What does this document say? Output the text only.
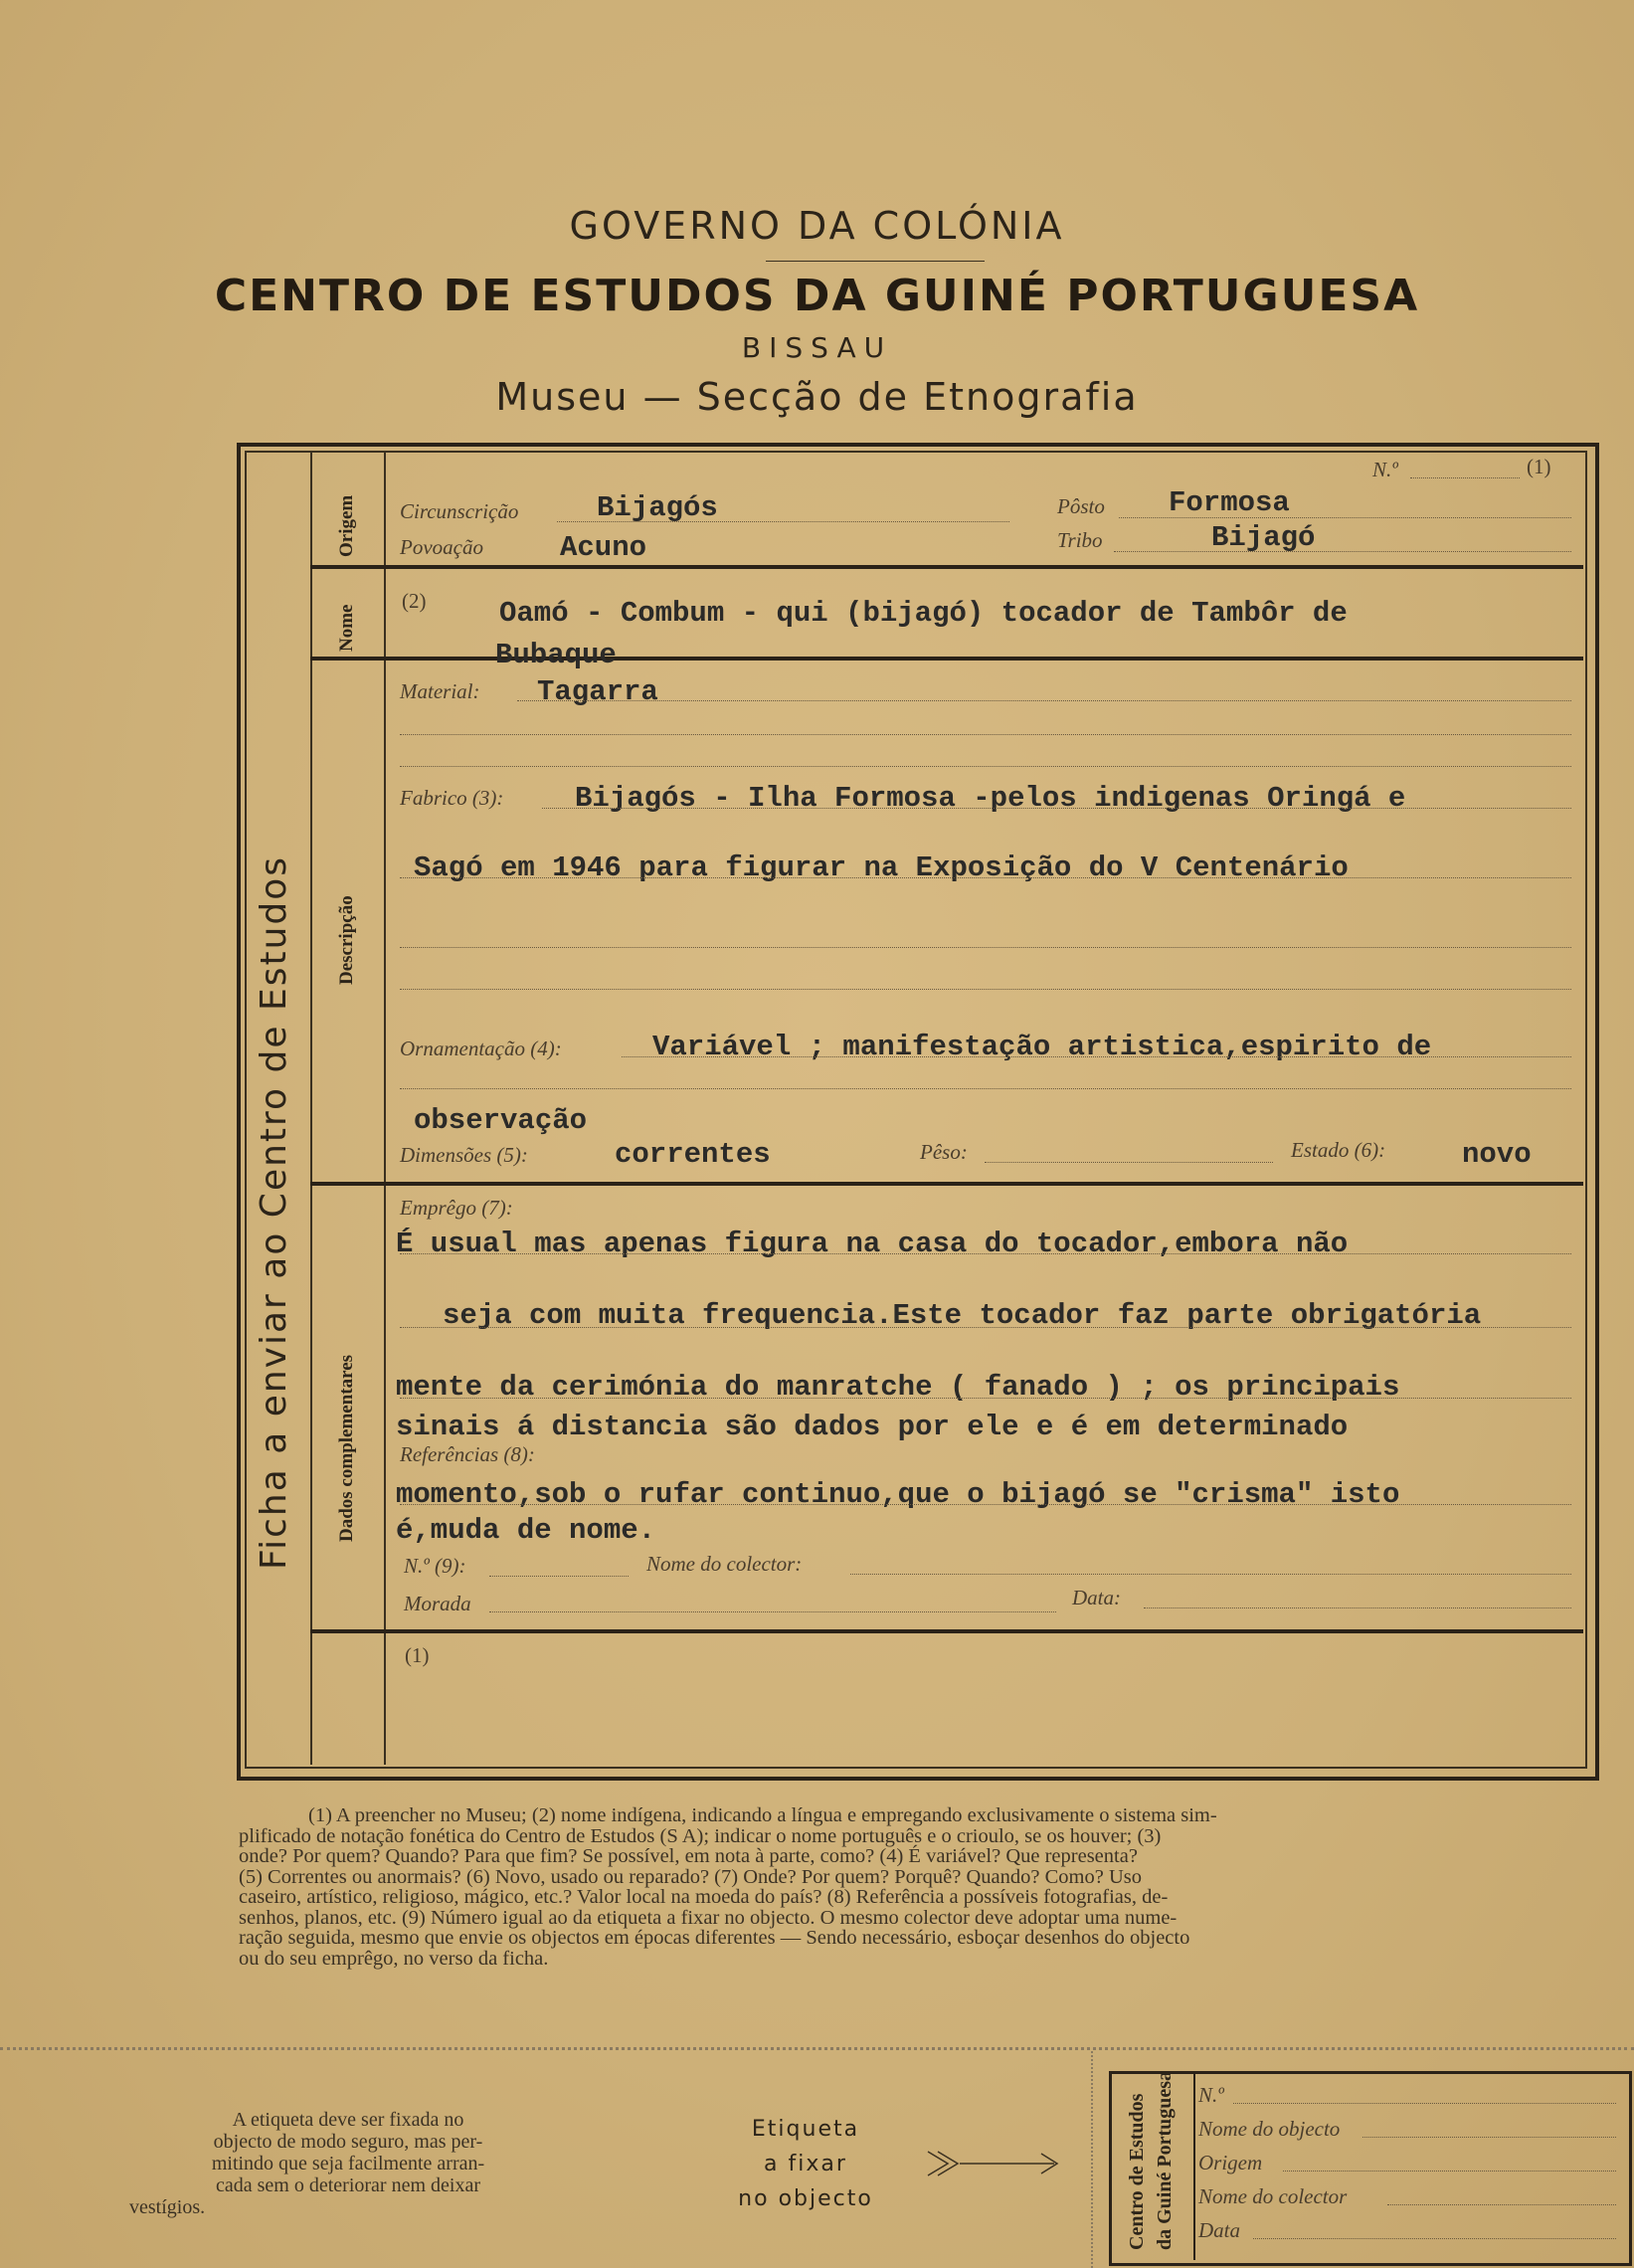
GOVERNO DA COLÓNIA
CENTRO DE ESTUDOS DA GUINÉ PORTUGUESA
BISSAU
Museu — Secção de Etnografia
Ficha a enviar ao Centro de Estudos
Origem
Nome
Descripção
Dados complementares
N.º	(1)
Circunscrição	Bijagós	Pôsto Formosa
Povoação	Acuno	Tribo	Bijagó
(2)	Oamó - Combum - qui (bijagó) tocador de Tambôr de
Bubaque
Material: Tagarra
Fabrico (3): Bijagós - Ilha Formosa -pelos indigenas Oringá e
Sagó em 1946 para figurar na Exposição do V Centenário
Ornamentação (4):	Variável ; manifestação artistica,espirito de
observação
Dimensões (5):	correntes	Pêso:	Estado (6):	novo
Emprêgo (7):
É usual mas apenas figura na casa do tocador,embora não
seja com muita frequencia.Este tocador faz parte obrigatória
mente da cerimónia do manratche ( fanado ) ; os principais
sinais á distancia são dados por ele e é em determinado
Referências (8):
momento,sob o rufar continuo,que o bijagó se "crisma" isto
é,muda de nome.
N.º (9):	Nome do colector:
Morada	Data:
(1)

(1) A preencher no Museu; (2) nome indígena, indicando a língua e empregando exclusivamente o sistema sim-

plificado de notação fonética do Centro de Estudos (S A); indicar o nome português e o crioulo, se os houver; (3)

onde? Por quem? Quando? Para que fim? Se possível, em nota à parte, como? (4) É variável? Que representa?

(5) Correntes ou anormais? (6) Novo, usado ou reparado? (7) Onde? Por quem? Porquê? Quando? Como? Uso

caseiro, artístico, religioso, mágico, etc.? Valor local na moeda do país? (8) Referência a possíveis fotografias, de-

senhos, planos, etc. (9) Número igual ao da etiqueta a fixar no objecto. O mesmo colector deve adoptar uma nume-

ração seguida, mesmo que envie os objectos em épocas diferentes — Sendo necessário, esboçar desenhos do objecto

ou do seu emprêgo, no verso da ficha.

A etiqueta deve ser fixada no
objecto de modo seguro, mas per-
mitindo que seja facilmente arran-
cada sem o deteriorar nem deixar
vestígios.
Etiqueta
a fixar
no objecto	Centro de Estudos da Guiné Portuguesa N.º
Nome do objecto
Origem
Nome do colector
Data
